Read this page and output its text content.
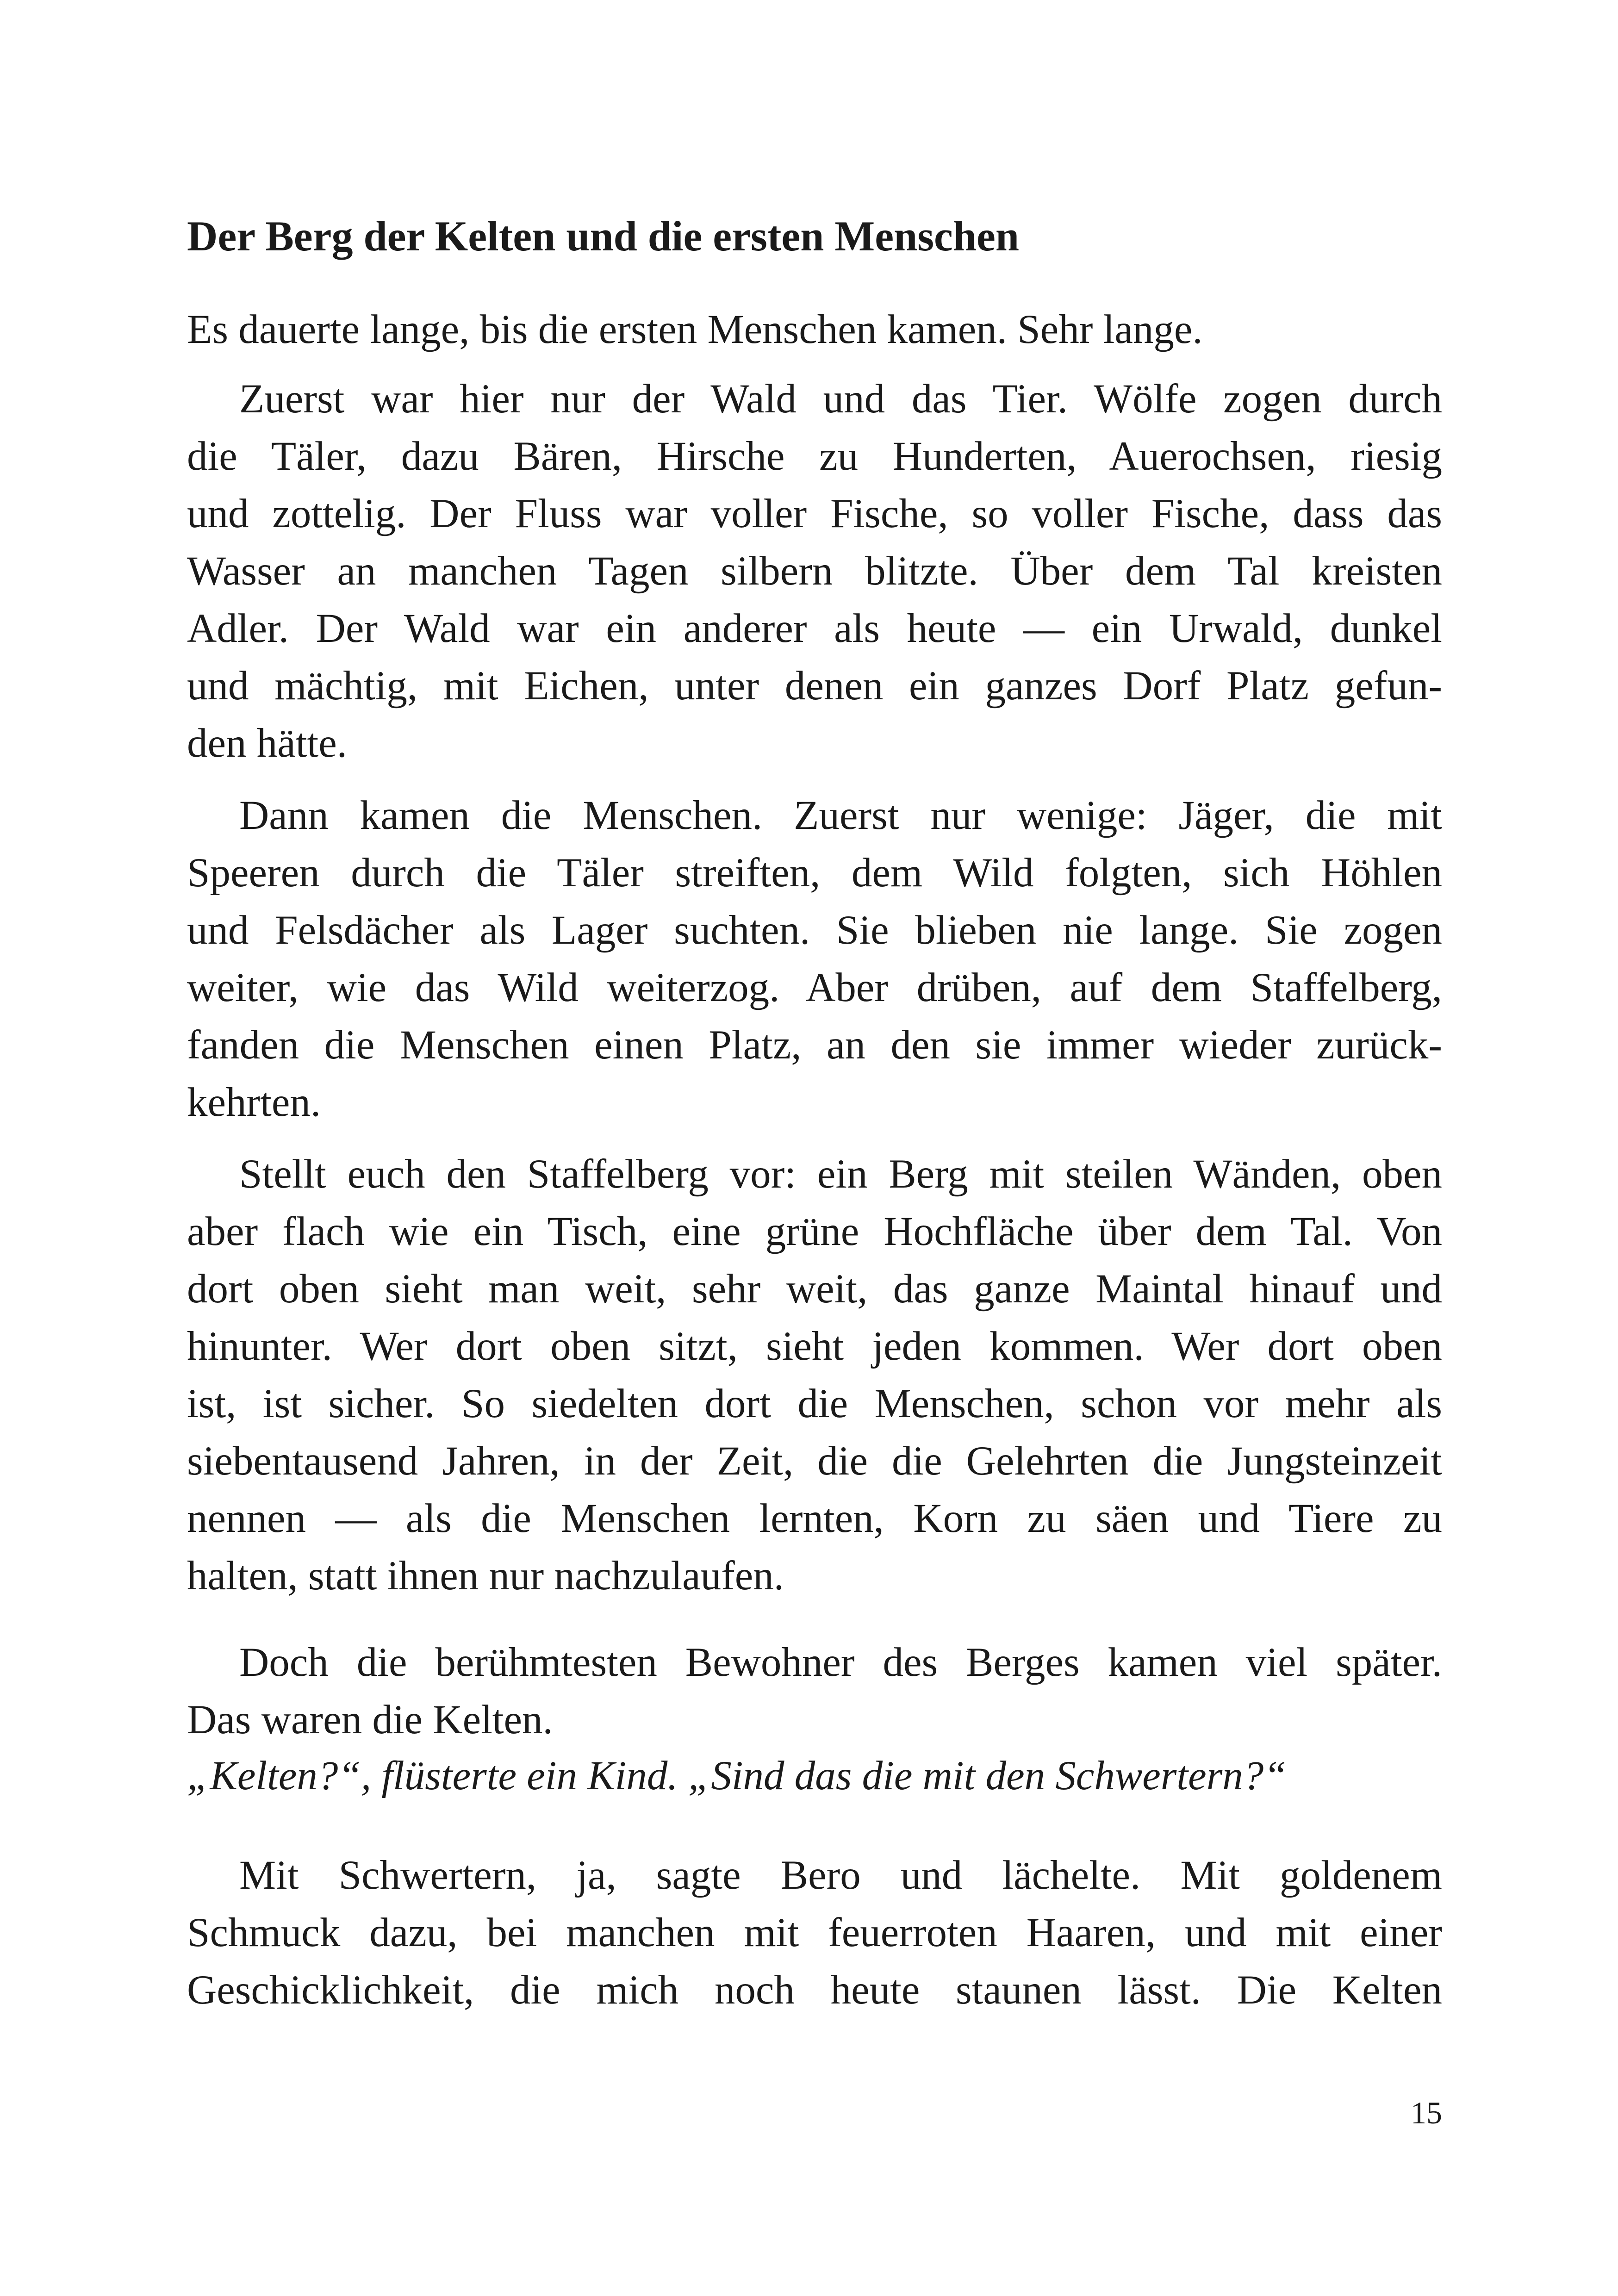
Der Berg der Kelten und die ersten Menschen
Es dauerte lange, bis die ersten Menschen kamen. Sehr lange.
Zuerst war hier nur der Wald und das Tier. Wölfe zogen durch
die Täler, dazu Bären, Hirsche zu Hunderten, Auerochsen, riesig
und zottelig. Der Fluss war voller Fische, so voller Fische, dass das
Wasser an manchen Tagen silbern blitzte. Über dem Tal kreisten
Adler. Der Wald war ein anderer als heute — ein Urwald, dunkel
und mächtig, mit Eichen, unter denen ein ganzes Dorf Platz gefun-
den hätte.
Dann kamen die Menschen. Zuerst nur wenige: Jäger, die mit
Speeren durch die Täler streiften, dem Wild folgten, sich Höhlen
und Felsdächer als Lager suchten. Sie blieben nie lange. Sie zogen
weiter, wie das Wild weiterzog. Aber drüben, auf dem Staffelberg,
fanden die Menschen einen Platz, an den sie immer wieder zurück-
kehrten.
Stellt euch den Staffelberg vor: ein Berg mit steilen Wänden, oben
aber flach wie ein Tisch, eine grüne Hochfläche über dem Tal. Von
dort oben sieht man weit, sehr weit, das ganze Maintal hinauf und
hinunter. Wer dort oben sitzt, sieht jeden kommen. Wer dort oben
ist, ist sicher. So siedelten dort die Menschen, schon vor mehr als
siebentausend Jahren, in der Zeit, die die Gelehrten die Jungsteinzeit
nennen — als die Menschen lernten, Korn zu säen und Tiere zu
halten, statt ihnen nur nachzulaufen.
Doch die berühmtesten Bewohner des Berges kamen viel später.
Das waren die Kelten.
„Kelten?“, flüsterte ein Kind. „Sind das die mit den Schwertern?“
Mit Schwertern, ja, sagte Bero und lächelte. Mit goldenem
Schmuck dazu, bei manchen mit feuerroten Haaren, und mit einer
Geschicklichkeit, die mich noch heute staunen lässt. Die Kelten

15
